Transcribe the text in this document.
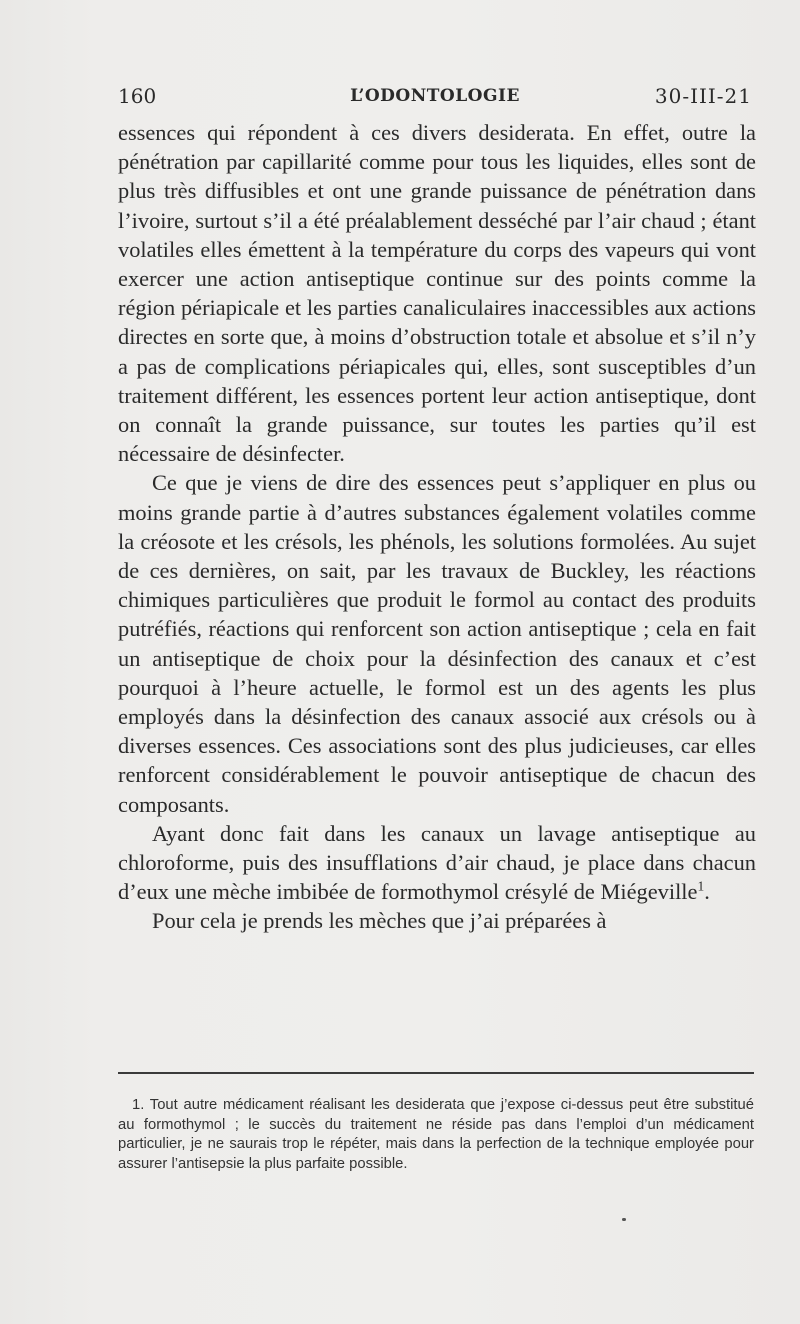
160	L’ODONTOLOGIE	30-III-21

essences qui répondent à ces divers desiderata. En effet, outre la pénétration par capillarité comme pour tous les liquides, elles sont de plus très diffusibles et ont une grande puissance de pénétration dans l’ivoire, surtout s’il a été préalablement desséché par l’air chaud ; étant volatiles elles émettent à la température du corps des vapeurs qui vont exercer une action antiseptique continue sur des points comme la région périapicale et les parties canaliculaires inaccessibles aux actions directes en sorte que, à moins d’obstruction totale et absolue et s’il n’y a pas de complications périapicales qui, elles, sont susceptibles d’un traitement différent, les essences portent leur action antiseptique, dont on connaît la grande puissance, sur toutes les parties qu’il est nécessaire de désinfecter.

Ce que je viens de dire des essences peut s’appliquer en plus ou moins grande partie à d’autres substances également volatiles comme la créosote et les crésols, les phénols, les solutions formolées. Au sujet de ces dernières, on sait, par les travaux de Buckley, les réactions chimiques particulières que produit le formol au contact des produits putréfiés, réactions qui renforcent son action antiseptique ; cela en fait un antiseptique de choix pour la désinfection des canaux et c’est pourquoi à l’heure actuelle, le formol est un des agents les plus employés dans la désinfection des canaux associé aux crésols ou à diverses essences. Ces associations sont des plus judicieuses, car elles renforcent considérablement le pouvoir antiseptique de chacun des composants.

Ayant donc fait dans les canaux un lavage antiseptique au chloroforme, puis des insufflations d’air chaud, je place dans chacun d’eux une mèche imbibée de formothymol crésylé de Miégeville$^1$.

Pour cela je prends les mèches que j’ai préparées à

1. Tout autre médicament réalisant les desiderata que j’expose ci-dessus peut être substitué au formothymol ; le succès du traitement ne réside pas dans l’emploi d’un médicament particulier, je ne saurais trop le répéter, mais dans la perfection de la technique employée pour assurer l’antisepsie la plus parfaite possible.
